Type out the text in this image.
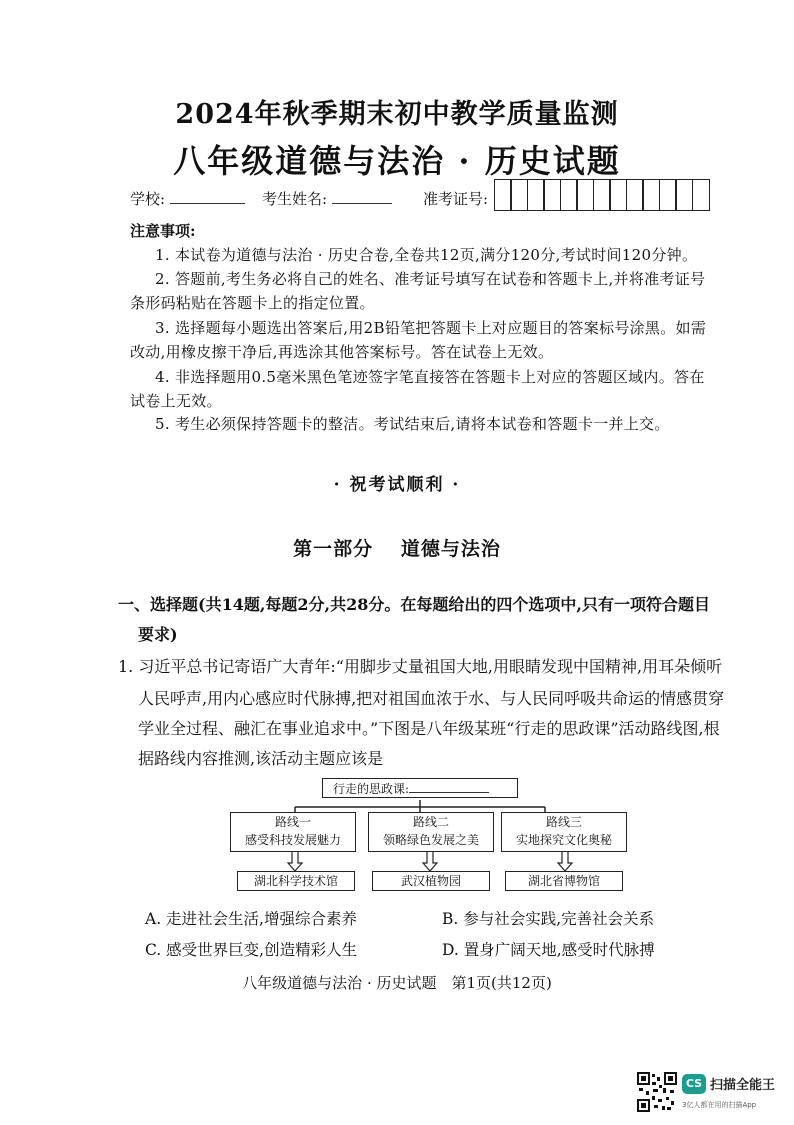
2024年秋季期末初中教学质量监测
八年级道德与法治 · 历史试题
学校:	考生姓名:	准考证号:
注意事项:
1. 本试卷为道德与法治 · 历史合卷,全卷共12页,满分120分,考试时间120分钟。
2. 答题前,考生务必将自己的姓名、准考证号填写在试卷和答题卡上,并将准考证号
条形码粘贴在答题卡上的指定位置。
3. 选择题每小题选出答案后,用2B铅笔把答题卡上对应题目的答案标号涂黑。如需
改动,用橡皮擦干净后,再选涂其他答案标号。答在试卷上无效。
4. 非选择题用0.5毫米黑色笔迹签字笔直接答在答题卡上对应的答题区域内。答在
试卷上无效。
5. 考生必须保持答题卡的整洁。考试结束后,请将本试卷和答题卡一并上交。
· 祝考试顺利 ·
第一部分 道德与法治
一、选择题(共14题,每题2分,共28分。在每题给出的四个选项中,只有一项符合题目
要求)
1. 习近平总书记寄语广大青年:“用脚步丈量祖国大地,用眼睛发现中国精神,用耳朵倾听
人民呼声,用内心感应时代脉搏,把对祖国血浓于水、与人民同呼吸共命运的情感贯穿
学业全过程、融汇在事业追求中。”下图是八年级某班“行走的思政课”活动路线图,根
据路线内容推测,该活动主题应该是
行走的思政课:
路线一
感受科技发展魅力
路线二
领略绿色发展之美
路线三
实地探究文化奥秘
湖北科学技术馆	武汉植物园	湖北省博物馆
A. 走进社会生活,增强综合素养	B. 参与社会实践,完善社会关系
C. 感受世界巨变,创造精彩人生	D. 置身广阔天地,感受时代脉搏
八年级道德与法治 · 历史试题　第1页(共12页)
CS 扫描全能王
3亿人都在用的扫描App
